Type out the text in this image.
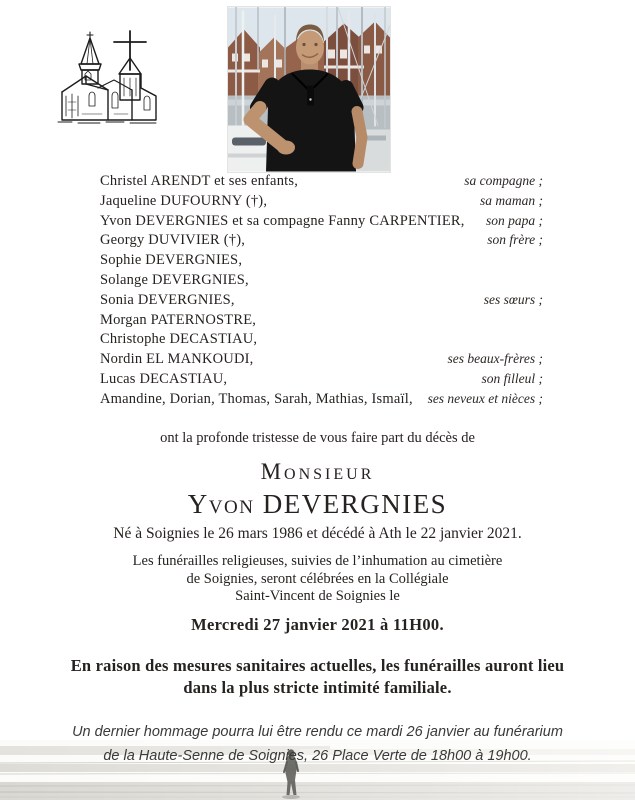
Christel ARENDT et ses enfants,	sa compagne ;
Jaqueline DUFOURNY (†),	sa maman ;
Yvon DEVERGNIES et sa compagne Fanny CARPENTIER, son papa ;
Georgy DUVIVIER (†),	son frère ;
Sophie DEVERGNIES,
Solange DEVERGNIES,
Sonia DEVERGNIES,	ses sœurs ;
Morgan PATERNOSTRE,
Christophe DECASTIAU,
Nordin EL MANKOUDI,	ses beaux-frères ;
Lucas DECASTIAU,	son filleul ;
Amandine, Dorian, Thomas, Sarah, Mathias, Ismaïl, ses neveux et nièces ;
ont la profonde tristesse de vous faire part du décès de
Monsieur
Yvon DEVERGNIES
Né à Soignies le 26 mars 1986 et décédé à Ath le 22 janvier 2021.
Les funérailles religieuses, suivies de l’inhumation au cimetière
de Soignies, seront célébrées en la Collégiale
Saint-Vincent de Soignies le
Mercredi 27 janvier 2021 à 11H00.
En raison des mesures sanitaires actuelles, les funérailles auront lieu
dans la plus stricte intimité familiale.
Un dernier hommage pourra lui être rendu ce mardi 26 janvier au funérarium
de la Haute-Senne de Soignies, 26 Place Verte de 18h00 à 19h00.
